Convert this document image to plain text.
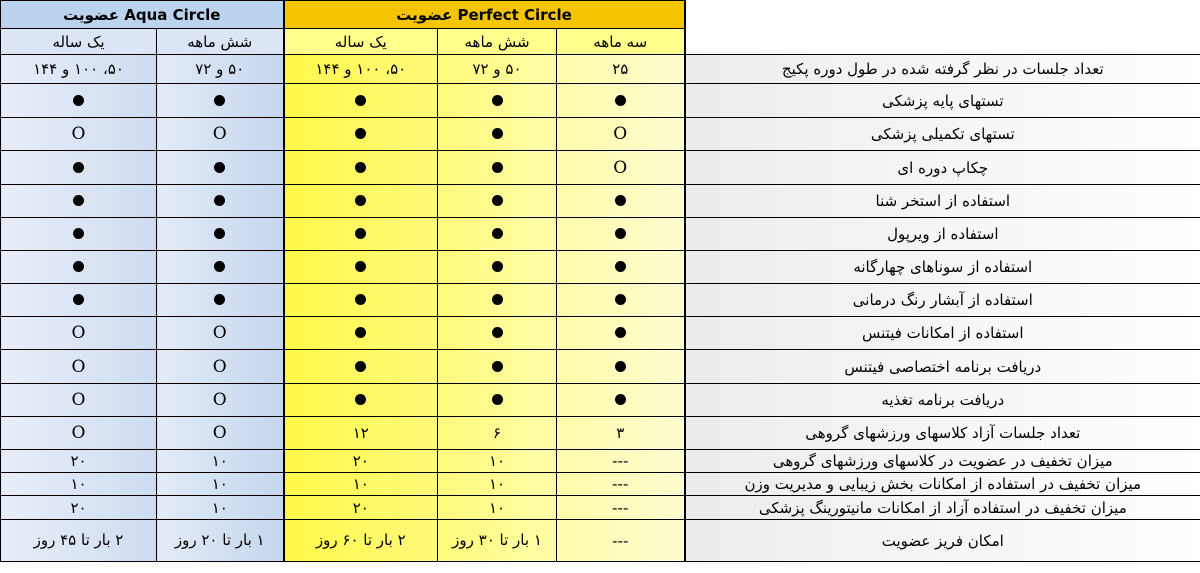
Aqua Circle عضویت		Perfect Circle عضویت			
یک ساله	شش ماهه	یک ساله	شش ماهه	سه ماهه	
۵۰، ۱۰۰ و ۱۴۴	۵۰ و ۷۲	۵۰، ۱۰۰ و ۱۴۴	۵۰ و ۷۲	۲۵	تعداد جلسات در نظر گرفته شده در طول دوره پکیج
					تستهای پایه پزشکی
O	O			O	تستهای تکمیلی پزشکی
				O	چکاپ دوره ای
					استفاده از استخر شنا
					استفاده از ویرپول
					استفاده از سوناهای چهارگانه
					استفاده از آبشار رنگ درمانی
O	O				استفاده از امکانات فیتنس
O	O				دریافت برنامه اختصاصی فیتنس
O	O				دریافت برنامه تغذیه
O	O	۱۲	۶	۳	تعداد جلسات آزاد کلاسهای ورزشهای گروهی
۲۰	۱۰	۲۰	۱۰	---	میزان تخفیف در عضویت در کلاسهای ورزشهای گروهی
۱۰	۱۰	۱۰	۱۰	---	میزان تخفیف در استفاده از امکانات بخش زیبایی و مدیریت وزن
۲۰	۱۰	۲۰	۱۰	---	میزان تخفیف در استفاده آزاد از امکانات مانیتورینگ پزشکی
۲ بار تا ۴۵ روز	۱ بار تا ۲۰ روز	۲ بار تا ۶۰ روز	۱ بار تا ۳۰ روز	---	امکان فریز عضویت
